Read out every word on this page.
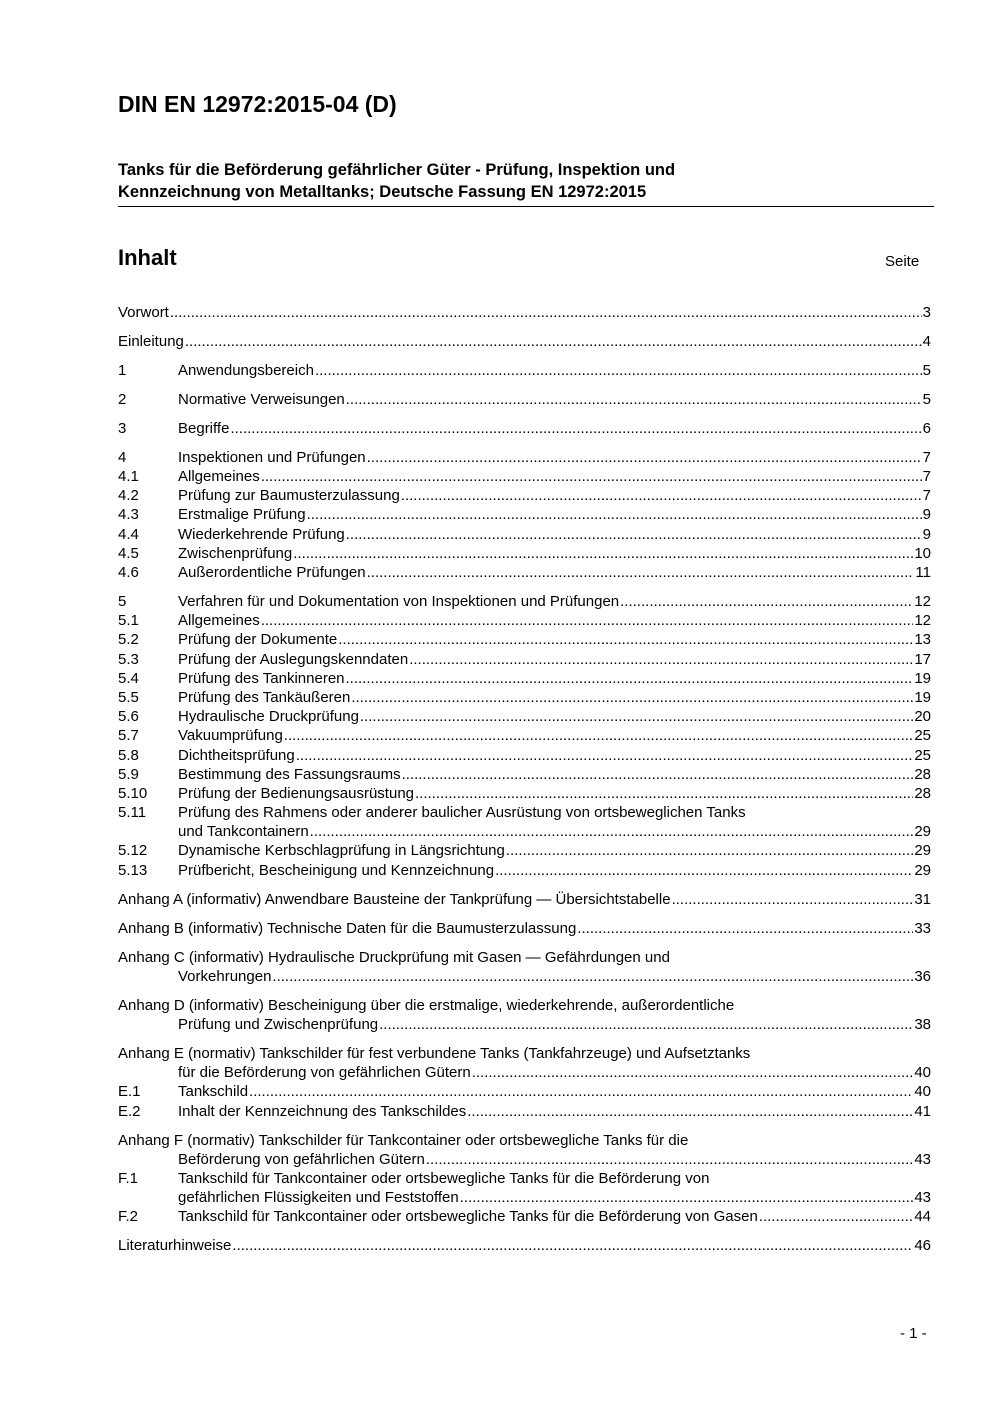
DIN EN 12972:2015-04 (D)
Tanks für die Beförderung gefährlicher Güter - Prüfung, Inspektion und
Kennzeichnung von Metalltanks; Deutsche Fassung EN 12972:2015
Inhalt	Seite
Vorwort .....	3
Einleitung .....	4
1	Anwendungsbereich .....	5
2	Normative Verweisungen .....	5
3	Begriffe .....	6
4	Inspektionen und Prüfungen .....	7
4.1	Allgemeines .....	7
4.2	Prüfung zur Baumusterzulassung .....	7
4.3	Erstmalige Prüfung .....	9
4.4	Wiederkehrende Prüfung .....	9
4.5	Zwischenprüfung .....	10
4.6	Außerordentliche Prüfungen .....	11
5	Verfahren für und Dokumentation von Inspektionen und Prüfungen .....	12
5.1	Allgemeines .....	12
5.2	Prüfung der Dokumente .....	13
5.3	Prüfung der Auslegungskenndaten .....	17
5.4	Prüfung des Tankinneren .....	19
5.5	Prüfung des Tankäußeren .....	19
5.6	Hydraulische Druckprüfung .....	20
5.7	Vakuumprüfung .....	25
5.8	Dichtheitsprüfung .....	25
5.9	Bestimmung des Fassungsraums .....	28
5.10	Prüfung der Bedienungsausrüstung .....	28
5.11	Prüfung des Rahmens oder anderer baulicher Ausrüstung von ortsbeweglichen Tanks
und Tankcontainern .....	29
5.12	Dynamische Kerbschlagprüfung in Längsrichtung .....	29
5.13	Prüfbericht, Bescheinigung und Kennzeichnung .....	29
Anhang A (informativ) Anwendbare Bausteine der Tankprüfung — Übersichtstabelle .....	31
Anhang B (informativ) Technische Daten für die Baumusterzulassung .....	33
Anhang C (informativ) Hydraulische Druckprüfung mit Gasen — Gefährdungen und
Vorkehrungen .....	36
Anhang D (informativ) Bescheinigung über die erstmalige, wiederkehrende, außerordentliche
Prüfung und Zwischenprüfung .....	38
Anhang E (normativ) Tankschilder für fest verbundene Tanks (Tankfahrzeuge) und Aufsetztanks
für die Beförderung von gefährlichen Gütern .....	40
E.1	Tankschild .....	40
E.2	Inhalt der Kennzeichnung des Tankschildes .....	41
Anhang F (normativ) Tankschilder für Tankcontainer oder ortsbewegliche Tanks für die
Beförderung von gefährlichen Gütern .....	43
F.1	Tankschild für Tankcontainer oder ortsbewegliche Tanks für die Beförderung von
gefährlichen Flüssigkeiten und Feststoffen .....	43
F.2	Tankschild für Tankcontainer oder ortsbewegliche Tanks für die Beförderung von Gasen .....	44
Literaturhinweise .....	46
- 1 -
